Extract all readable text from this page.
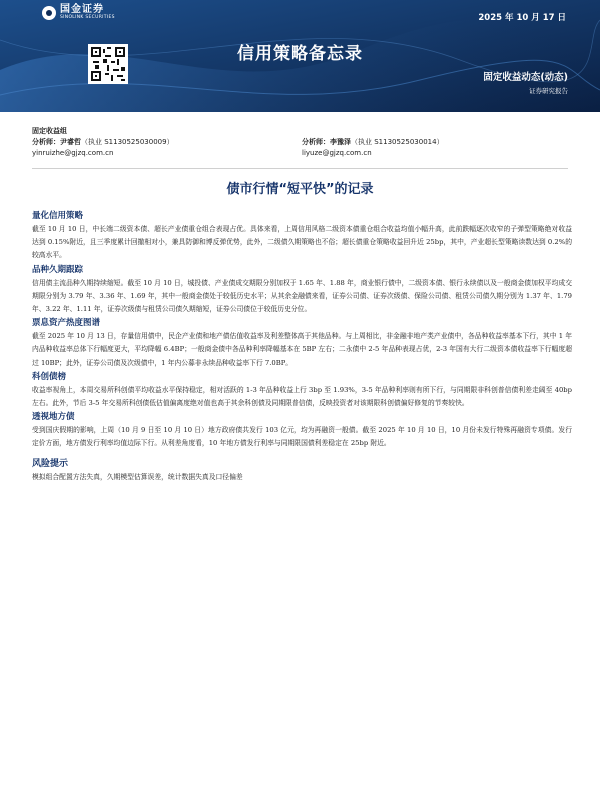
国金证券
SINOLINK SECURITIES	2025 年 10 月 17 日
信用策略备忘录
固定收益动态(动态)
证券研究报告
固定收益组
分析师：尹睿哲（执业 S1130525030009）	分析师：李豫泽（执业 S1130525030014）
yinruizhe@gjzq.com.cn	liyuze@gjzq.com.cn
债市行情“短平快”的记录
量化信用策略
截至 10 月 10 日，中长端二级资本债、超长产业债重仓组合表现占优。具体来看，上周信用风格二级资本债重仓组合收益均值小幅升高，此前跌幅逐次收窄的子弹型策略绝对收益达到 0.15%附近，且三季度累计回撤相对小，兼具防御和博反弹优势，此外，二级债久期策略也不俗；超长债重仓策略收益回升近 25bp，其中，产业超长型策略读数达到 0.2%的较高水平。
品种久期跟踪
信用债主流品种久期持续缩短。截至 10 月 10 日，城投债、产业债成交期限分别加权于 1.65 年、1.88 年，商业银行债中，二级资本债、银行永续债以及一般商金债加权平均成交期限分别为 3.79 年、3.36 年、1.69 年，其中一般商金债处于较低历史水平；从其余金融债来看，证券公司债、证券次级债、保险公司债、租赁公司债久期分别为 1.37 年、1.79 年、3.22 年、1.11 年，证券次级债与租赁公司债久期缩短，证券公司债位于较低历史分位。
票息资产热度图谱
截至 2025 年 10 月 13 日，存量信用债中，民企产业债和地产债估值收益率及利差整体高于其他品种。与上周相比，非金融非地产类产业债中，各品种收益率基本下行，其中 1 年内品种收益率总体下行幅度更大，平均降幅 6.4BP；一般商金债中各品种利率降幅基本在 5BP 左右；二永债中 2-5 年品种表现占优，2-3 年国有大行二级资本债收益率下行幅度超过 10BP；此外，证券公司债及次级债中，1 年内公募非永续品种收益率下行 7.0BP。
科创债榜
收益率视角上，本周交易所科创债平均收益水平保持稳定，相对活跃的 1-3 年品种收益上行 3bp 至 1.93%，3-5 年品种利率则有所下行，与同期限非科创普信债利差走阔至 40bp 左右。此外，节后 3-5 年交易所科创债低估值偏离度绝对值也高于其余科创债及同期限普信债，反映投资者对该期限科创债偏好修复的节奏较快。
透视地方债
受到国庆假期的影响，上周（10 月 9 日至 10 月 10 日）地方政府债共发行 103 亿元，均为再融资一般债。截至 2025 年 10 月 10 日，10 月份未发行特殊再融资专项债。发行定价方面，地方债发行利率均值边际下行。从利差角度看，10 年地方债发行利率与同期限国债利差稳定在 25bp 附近。
风险提示
模拟组合配置方法失真，久期模型估算误差，统计数据失真及口径偏差
